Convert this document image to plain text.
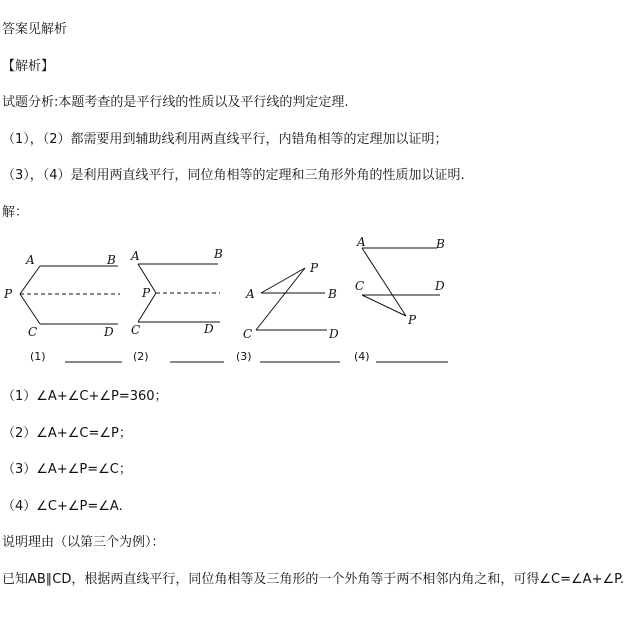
答案见解析
【解析】
试题分析:本题考查的是平行线的性质以及平行线的判定定理.
（1），（2）都需要用到辅助线利用两直线平行，内错角相等的定理加以证明；
（3），（4）是利用两直线平行，同位角相等的定理和三角形外角的性质加以证明.
解：
A	B
P
C	D
(1)
A	B
P
C	D
(2)
A	B
P
C	D
(3)
A	B
C	D
P
(4)
（1）∠A+∠C+∠P=360；
（2）∠A+∠C=∠P；
（3）∠A+∠P=∠C；
（4）∠C+∠P=∠A.
说明理由（以第三个为例）：
已知AB∥CD，根据两直线平行，同位角相等及三角形的一个外角等于两不相邻内角之和，可得∠C=∠A+∠P.
